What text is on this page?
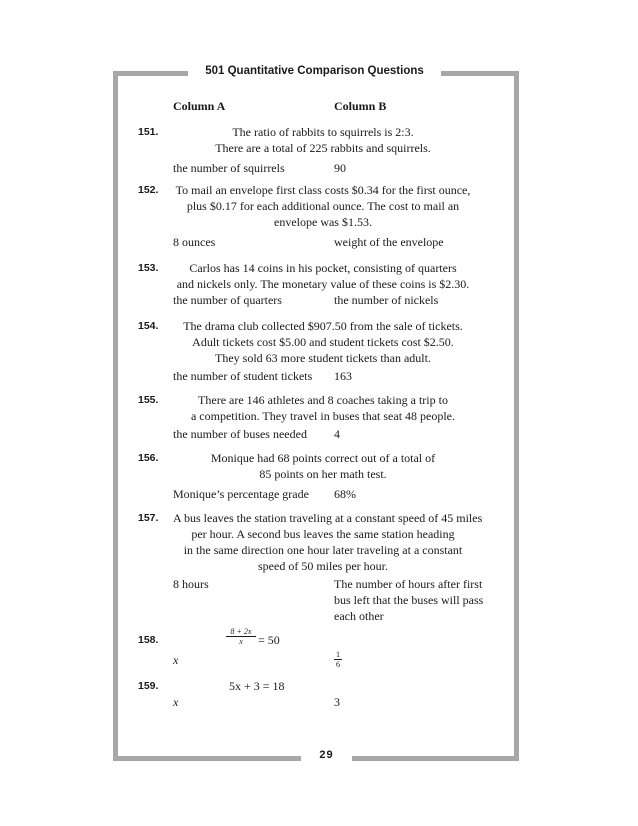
501 Quantitative Comparison Questions
Column A	Column B
151.	The ratio of rabbits to squirrels is 2:3.
There are a total of 225 rabbits and squirrels.
the number of squirrels	90
152. To mail an envelope first class costs $0.34 for the first ounce,
plus $0.17 for each additional ounce. The cost to mail an
envelope was $1.53.
8 ounces	weight of the envelope
153.	Carlos has 14 coins in his pocket, consisting of quarters
and nickels only. The monetary value of these coins is $2.30.
the number of quarters	the number of nickels
154.	The drama club collected $907.50 from the sale of tickets.
Adult tickets cost $5.00 and student tickets cost $2.50.
They sold 63 more student tickets than adult.
the number of student tickets 163
155.	There are 146 athletes and 8 coaches taking a trip to
a competition. They travel in buses that seat 48 people.
the number of buses needed 4
156.	Monique had 68 points correct out of a total of
85 points on her math test.
Monique’s percentage grade 68%
157. A bus leaves the station traveling at a constant speed of 45 miles
per hour. A second bus leaves the same station heading
in the same direction one hour later traveling at a constant
speed of 50 miles per hour.
8 hours	The number of hours after first
bus left that the buses will pass
each other
158.	$\frac{8 + 2x}{x} = 50$
x	$\frac{1}{6}$
159.	5x + 3 = 18
x	3
29
